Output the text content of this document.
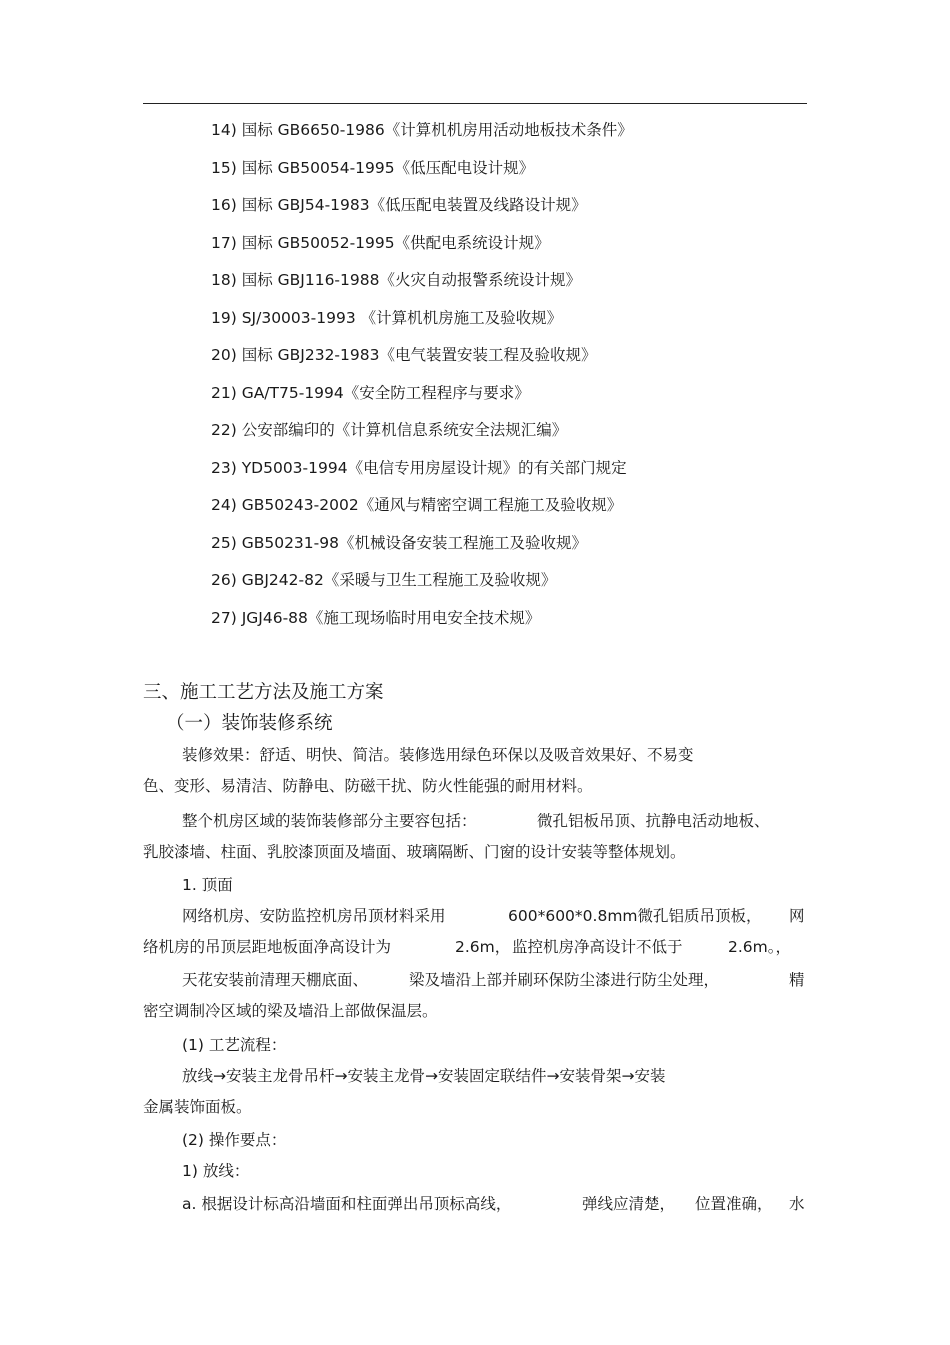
14) 国标 GB6650-1986《计算机机房用活动地板技术条件》
15) 国标 GB50054-1995《低压配电设计规》
16) 国标 GBJ54-1983《低压配电装置及线路设计规》
17) 国标 GB50052-1995《供配电系统设计规》
18) 国标 GBJ116-1988《火灾自动报警系统设计规》
19) SJ/30003-1993 《计算机机房施工及验收规》
20) 国标 GBJ232-1983《电气装置安装工程及验收规》
21) GA/T75-1994《安全防工程程序与要求》
22) 公安部编印的《计算机信息系统安全法规汇编》
23) YD5003-1994《电信专用房屋设计规》的有关部门规定
24) GB50243-2002《通风与精密空调工程施工及验收规》
25) GB50231-98《机械设备安装工程施工及验收规》
26) GBJ242-82《采暖与卫生工程施工及验收规》
27) JGJ46-88《施工现场临时用电安全技术规》
三、施工工艺方法及施工方案
（一）装饰装修系统
装修效果：舒适、明快、简洁。装修选用绿色环保以及吸音效果好、不易变
色、变形、易清洁、防静电、防磁干扰、防火性能强的耐用材料。
整个机房区域的装饰装修部分主要容包括：	微孔铝板吊顶、抗静电活动地板、
乳胶漆墙、柱面、乳胶漆顶面及墙面、玻璃隔断、门窗的设计安装等整体规划。
1. 顶面
网络机房、安防监控机房吊顶材料采用	600*600*0.8mm微孔铝质吊顶板， 网
络机房的吊顶层距地板面净高设计为	2.6m， 监控机房净高设计不低于	2.6m。，
天花安装前清理天棚底面、	梁及墙沿上部并刷环保防尘漆进行防尘处理，	精
密空调制冷区域的梁及墙沿上部做保温层。
(1) 工艺流程：
放线→安装主龙骨吊杆→安装主龙骨→安装固定联结件→安装骨架→安装
金属装饰面板。
(2) 操作要点：
1) 放线：
a. 根据设计标高沿墙面和柱面弹出吊顶标高线，	弹线应清楚， 位置准确， 水
